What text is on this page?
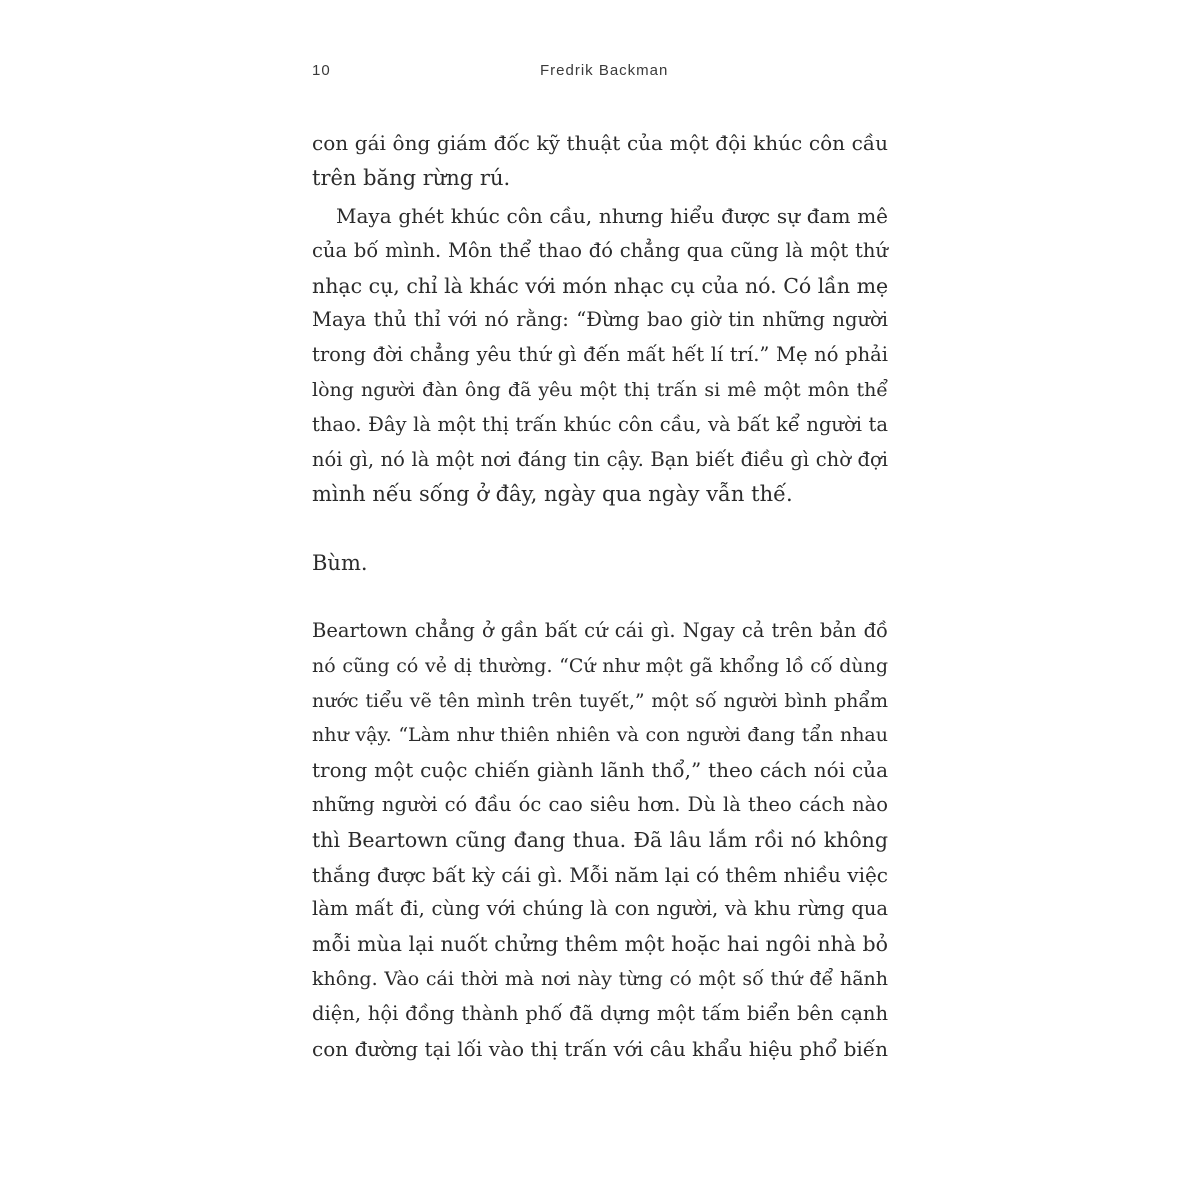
10	Fredrik Backman
con gái ông giám đốc kỹ thuật của một đội khúc côn cầu
trên băng rừng rú.
Maya ghét khúc côn cầu, nhưng hiểu được sự đam mê
của bố mình. Môn thể thao đó chẳng qua cũng là một thứ
nhạc cụ, chỉ là khác với món nhạc cụ của nó. Có lần mẹ
Maya thủ thỉ với nó rằng: “Đừng bao giờ tin những người
trong đời chẳng yêu thứ gì đến mất hết lí trí.” Mẹ nó phải
lòng người đàn ông đã yêu một thị trấn si mê một môn thể
thao. Đây là một thị trấn khúc côn cầu, và bất kể người ta
nói gì, nó là một nơi đáng tin cậy. Bạn biết điều gì chờ đợi
mình nếu sống ở đây, ngày qua ngày vẫn thế.
Bùm.
Beartown chẳng ở gần bất cứ cái gì. Ngay cả trên bản đồ
nó cũng có vẻ dị thường. “Cứ như một gã khổng lồ cố dùng
nước tiểu vẽ tên mình trên tuyết,” một số người bình phẩm
như vậy. “Làm như thiên nhiên và con người đang tẩn nhau
trong một cuộc chiến giành lãnh thổ,” theo cách nói của
những người có đầu óc cao siêu hơn. Dù là theo cách nào
thì Beartown cũng đang thua. Đã lâu lắm rồi nó không
thắng được bất kỳ cái gì. Mỗi năm lại có thêm nhiều việc
làm mất đi, cùng với chúng là con người, và khu rừng qua
mỗi mùa lại nuốt chửng thêm một hoặc hai ngôi nhà bỏ
không. Vào cái thời mà nơi này từng có một số thứ để hãnh
diện, hội đồng thành phố đã dựng một tấm biển bên cạnh
con đường tại lối vào thị trấn với câu khẩu hiệu phổ biến
